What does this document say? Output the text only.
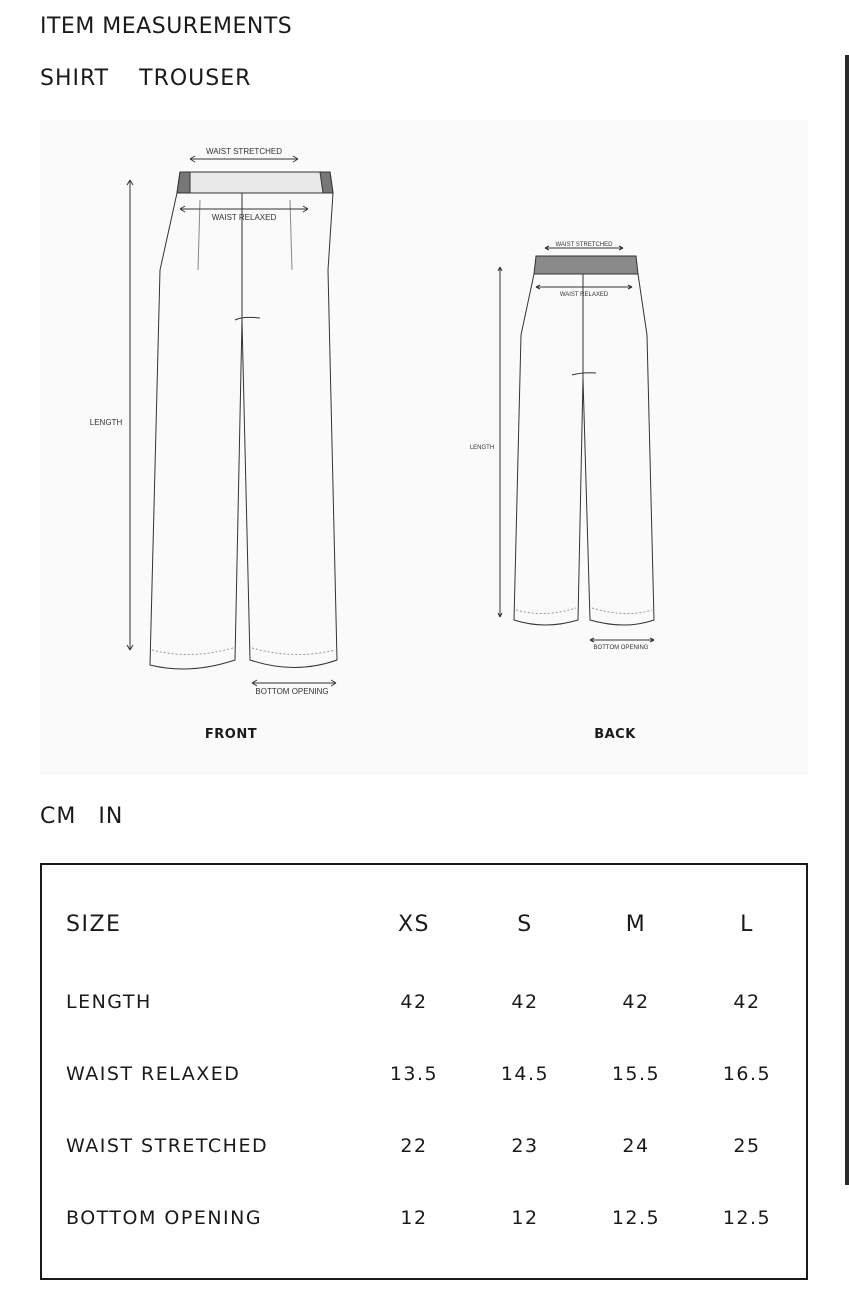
ITEM MEASUREMENTS
SHIRT TROUSER
WAIST STRETCHED
WAIST RELAXED
LENGTH
BOTTOM OPENING
WAIST STRETCHED
WAIST RELAXED
LENGTH
BOTTOM OPENING
FRONT	BACK
CM IN
SIZE	XS	S	M	L
LENGTH	42	42	42	42
WAIST RELAXED	13.5	14.5	15.5	16.5
WAIST STRETCHED	22	23	24	25
BOTTOM OPENING	12	12	12.5	12.5
